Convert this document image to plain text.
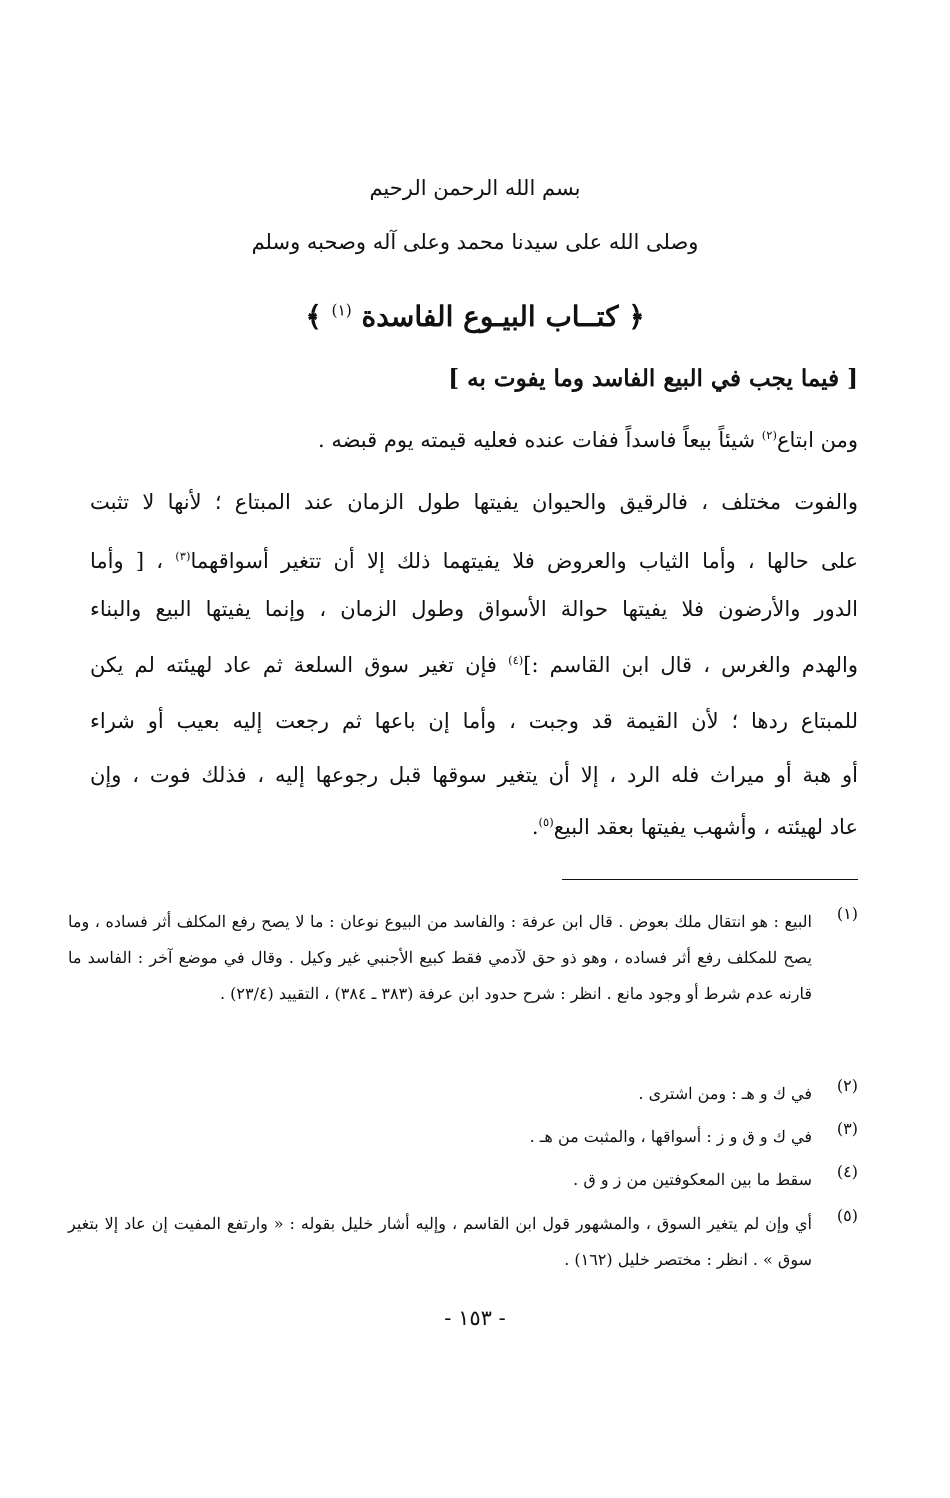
بسم الله الرحمن الرحيم
وصلى الله على سيدنا محمد وعلى آله وصحبه وسلم
﴿ كتــاب البيـوع الفاسدة $^{(١)}$ ﴾
[ فيما يجب في البيع الفاسد وما يفوت به ]
ومن ابتاع$^{(٢)}$ شيئاً بيعاً فاسداً ففات عنده فعليه قيمته يوم قبضه .
والفوت مختلف ، فالرقيق والحيوان يفيتها طول الزمان عند المبتاع ؛ لأنها لا تثبت
على حالها ، وأما الثياب والعروض فلا يفيتهما ذلك إلا أن تتغير أسواقهما$^{(٣)}$ ، [ وأما
الدور والأرضون فلا يفيتها حوالة الأسواق وطول الزمان ، وإنما يفيتها البيع والبناء
والهدم والغرس ، قال ابن القاسم :]$^{(٤)}$ فإن تغير سوق السلعة ثم عاد لهيئته لم يكن
للمبتاع ردها ؛ لأن القيمة قد وجبت ، وأما إن باعها ثم رجعت إليه بعيب أو شراء
أو هبة أو ميراث فله الرد ، إلا أن يتغير سوقها قبل رجوعها إليه ، فذلك فوت ، وإن
عاد لهيئته ، وأشهب يفيتها بعقد البيع$^{(٥)}$.
(١)
البيع : هو انتقال ملك بعوض . قال ابن عرفة : والفاسد من البيوع نوعان : ما لا يصح رفع المكلف أثر فساده ، وما يصح للمكلف رفع أثر فساده ، وهو ذو حق لآدمي فقط كبيع الأجنبي غير وكيل . وقال في موضع آخر : الفاسد ما قارنه عدم شرط أو وجود مانع . انظر : شرح حدود ابن عرفة (٣٨٣ ـ ٣٨٤) ، التقييد (٢٣/٤) .
(٢)
في ك و هـ : ومن اشترى .
(٣)
في ك و ق و ز : أسواقها ، والمثبت من هـ .
(٤)
سقط ما بين المعكوفتين من ز و ق .
(٥)
أي وإن لم يتغير السوق ، والمشهور قول ابن القاسم ، وإليه أشار خليل بقوله : « وارتفع المفيت إن عاد إلا بتغير سوق » . انظر : مختصر خليل (١٦٢) .
- ١٥٣ -
